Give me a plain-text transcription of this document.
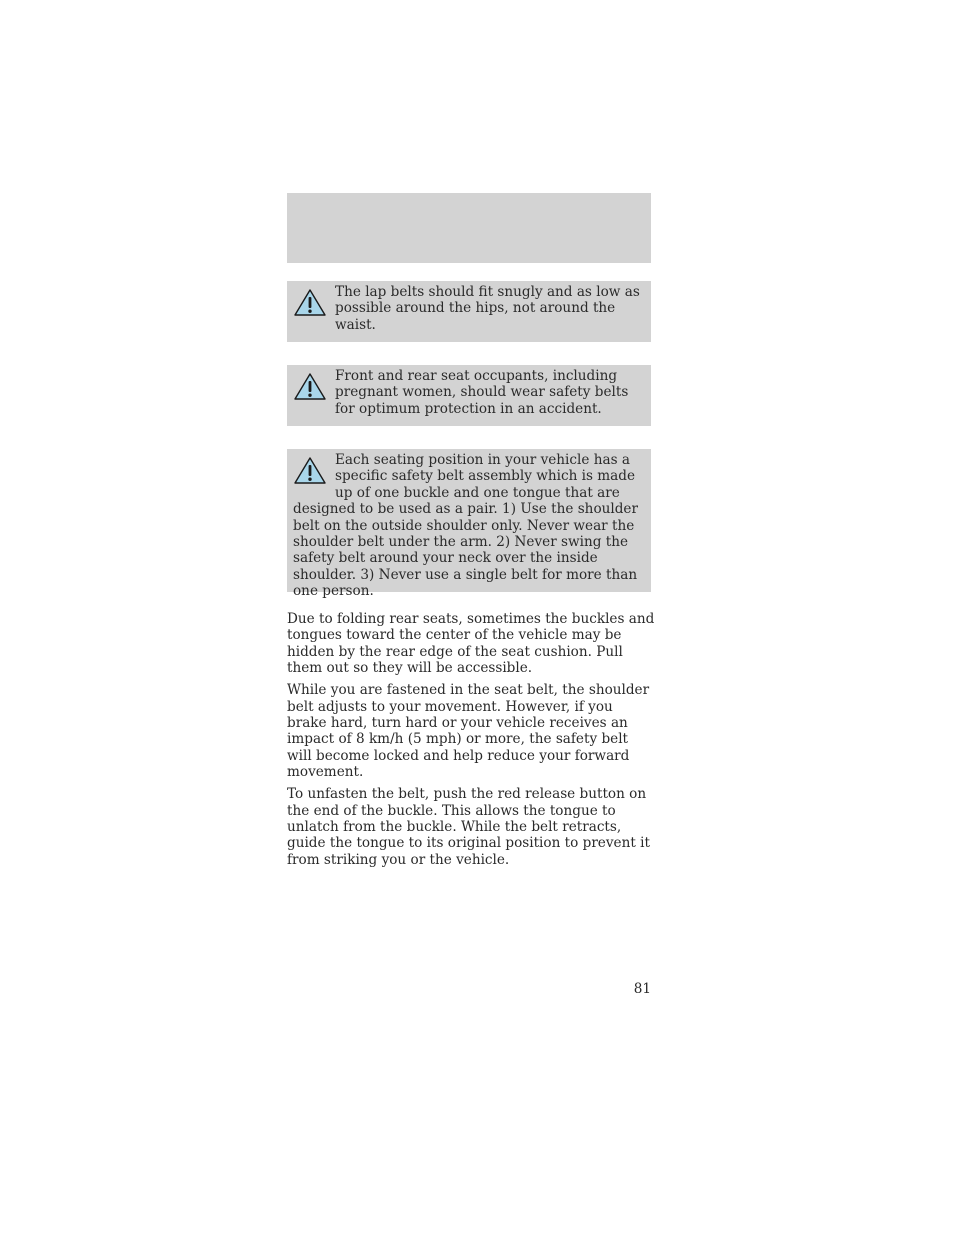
The lap belts should fit snugly and as low as possible around the hips, not around the waist.

Front and rear seat occupants, including pregnant women, should wear safety belts for optimum protection in an accident.

Each seating position in your vehicle has a specific safety belt assembly which is made up of one buckle and one tongue that are designed to be used as a pair. 1) Use the shoulder belt on the outside shoulder only. Never wear the shoulder belt under the arm. 2) Never swing the safety belt around your neck over the inside shoulder. 3) Never use a single belt for more than one person.

Due to folding rear seats, sometimes the buckles and tongues toward the center of the vehicle may be hidden by the rear edge of the seat cushion. Pull them out so they will be accessible.

While you are fastened in the seat belt, the shoulder belt adjusts to your movement. However, if you brake hard, turn hard or your vehicle receives an impact of 8 km/h (5 mph) or more, the safety belt will become locked and help reduce your forward movement.

To unfasten the belt, push the red release button on the end of the buckle. This allows the tongue to unlatch from the buckle. While the belt retracts, guide the tongue to its original position to prevent it from striking you or the vehicle.

81
